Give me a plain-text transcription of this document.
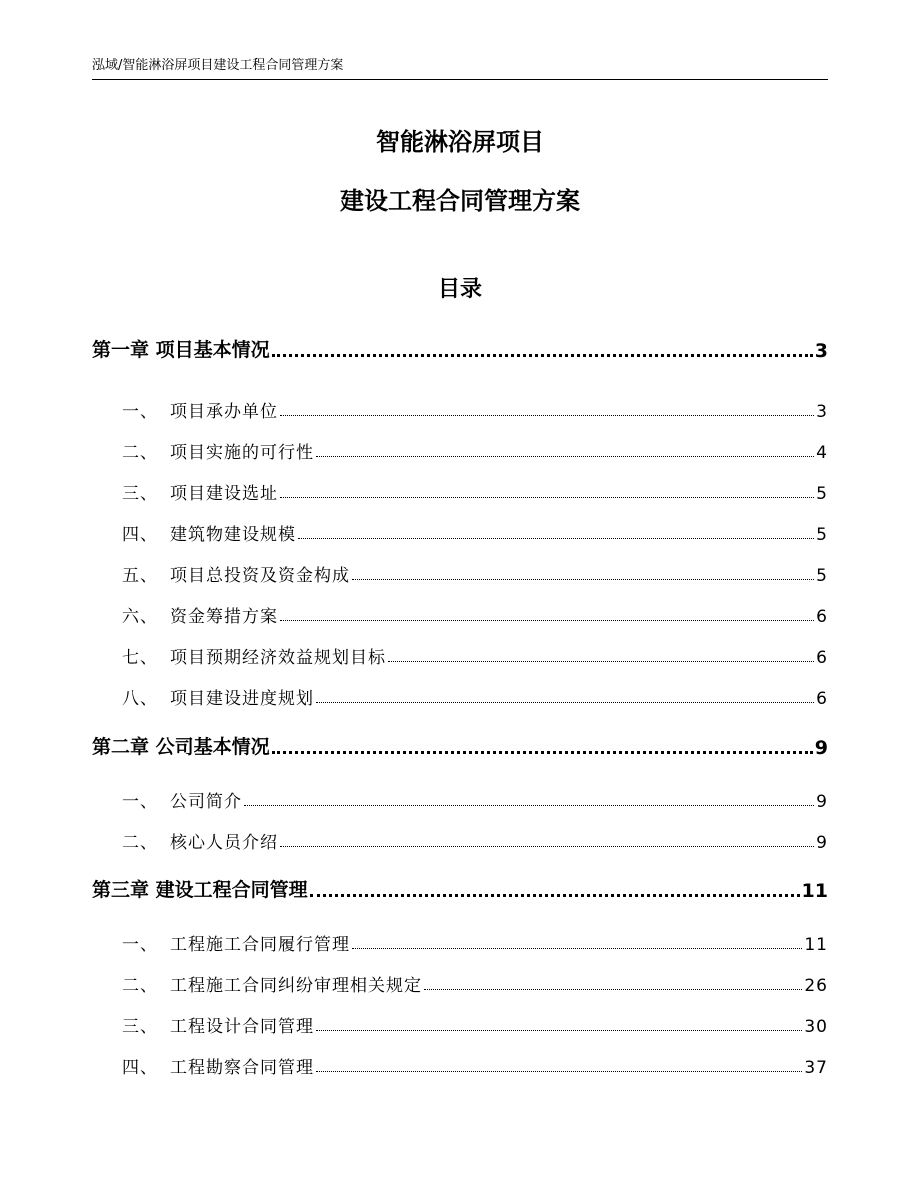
泓域/智能淋浴屏项目建设工程合同管理方案
智能淋浴屏项目
建设工程合同管理方案
目录
第一章 项目基本情况	3
一、 项目承办单位	3
二、 项目实施的可行性	4
三、 项目建设选址	5
四、 建筑物建设规模	5
五、 项目总投资及资金构成	5
六、 资金筹措方案	6
七、 项目预期经济效益规划目标	6
八、 项目建设进度规划	6
第二章 公司基本情况	9
一、 公司简介	9
二、 核心人员介绍	9
第三章 建设工程合同管理	11
一、 工程施工合同履行管理	11
二、 工程施工合同纠纷审理相关规定	26
三、 工程设计合同管理	30
四、 工程勘察合同管理	37
